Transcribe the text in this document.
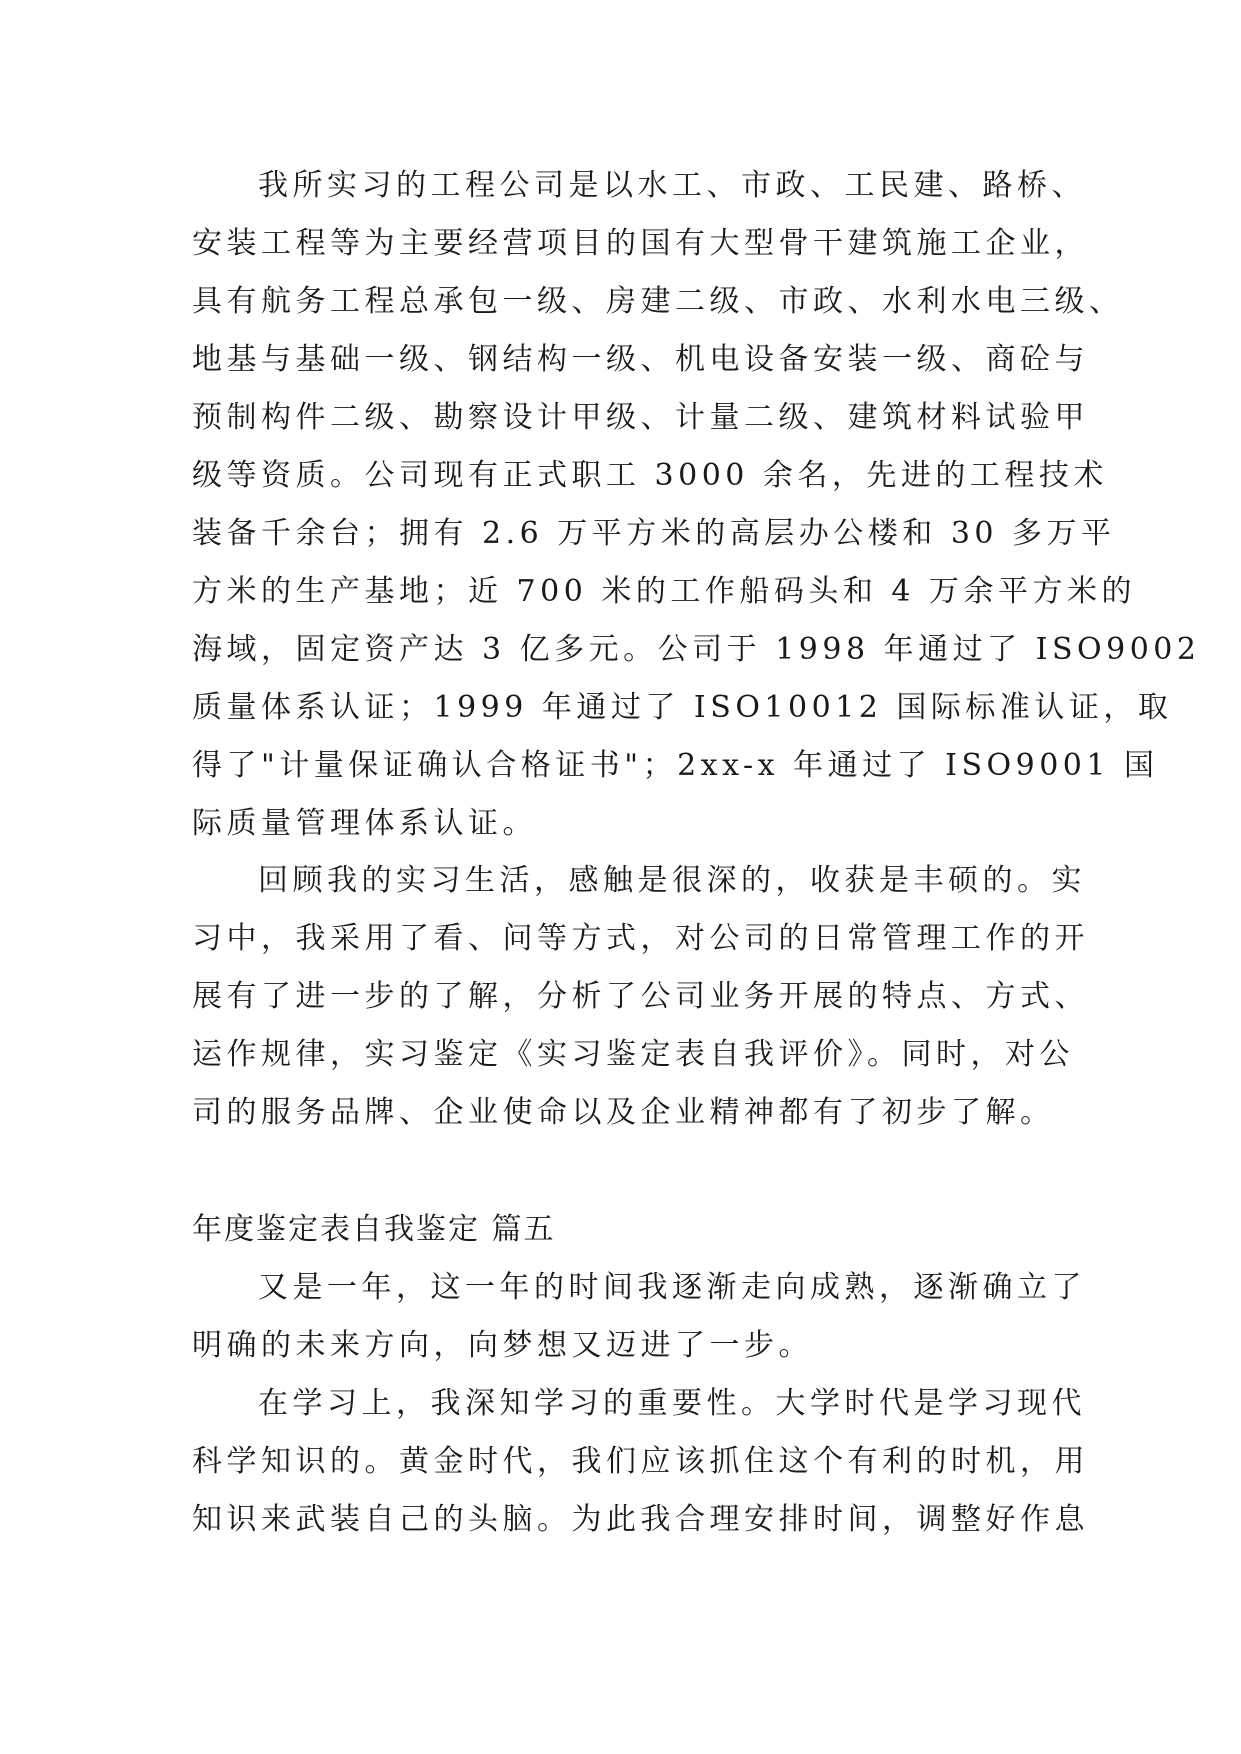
我所实习的工程公司是以水工、市政、工民建、路桥、
安装工程等为主要经营项目的国有大型骨干建筑施工企业，
具有航务工程总承包一级、房建二级、市政、水利水电三级、
地基与基础一级、钢结构一级、机电设备安装一级、商砼与
预制构件二级、勘察设计甲级、计量二级、建筑材料试验甲
级等资质。公司现有正式职工 3000 余名，先进的工程技术
装备千余台；拥有 2.6 万平方米的高层办公楼和 30 多万平
方米的生产基地；近 700 米的工作船码头和 4 万余平方米的
海域，固定资产达 3 亿多元。公司于 1998 年通过了 ISO9002
质量体系认证；1999 年通过了 ISO10012 国际标准认证，取
得了"计量保证确认合格证书"；2xx-x 年通过了 ISO9001 国
际质量管理体系认证。
回顾我的实习生活，感触是很深的，收获是丰硕的。实
习中，我采用了看、问等方式，对公司的日常管理工作的开
展有了进一步的了解，分析了公司业务开展的特点、方式、
运作规律，实习鉴定《实习鉴定表自我评价》。同时，对公
司的服务品牌、企业使命以及企业精神都有了初步了解。
年度鉴定表自我鉴定 篇五
又是一年，这一年的时间我逐渐走向成熟，逐渐确立了
明确的未来方向，向梦想又迈进了一步。
在学习上，我深知学习的重要性。大学时代是学习现代
科学知识的。黄金时代，我们应该抓住这个有利的时机，用
知识来武装自己的头脑。为此我合理安排时间，调整好作息
